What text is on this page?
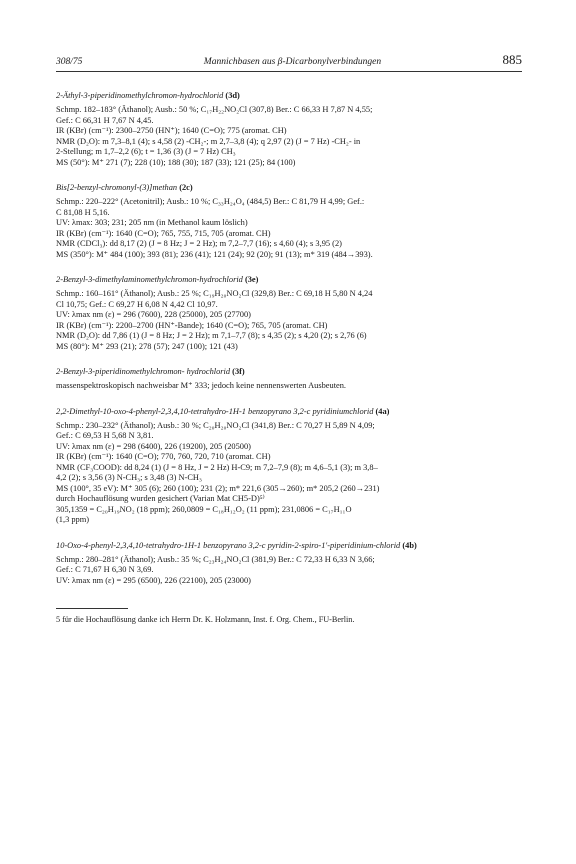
308/75	Mannichbasen aus β-Dicarbonylverbindungen	885
2-Äthyl-3-piperidinomethylchromon-hydrochlorid (3d)
Schmp. 182–183° (Äthanol); Ausb.: 50 %; C₁₇H₂₂NO₂Cl (307,8) Ber.: C 66,33 H 7,87 N 4,55;
Gef.: C 66,31 H 7,67 N 4,45.
IR (KBr) (cm⁻¹): 2300–2750 (HN⁺); 1640 (C=O); 775 (aromat. CH)
NMR (D₂O): m 7,3–8,1 (4); s 4,58 (2) -CH₂-; m 2,7–3,8 (4); q 2,97 (2) (J = 7 Hz) -CH₂- in
2-Stellung; m 1,7–2,2 (6); t = 1,36 (3) (J = 7 Hz) CH₃
MS (50°): M⁺ 271 (7); 228 (10); 188 (30); 187 (33); 121 (25); 84 (100)
Bis[2-benzyl-chromonyl-(3)]methan (2c)
Schmp.: 220–222° (Acetonitril); Ausb.: 10 %; C₃₃H₂₄O₄ (484,5) Ber.: C 81,79 H 4,99; Gef.:
C 81,08 H 5,16.
UV: λmax: 303; 231; 205 nm (in Methanol kaum löslich)
IR (KBr) (cm⁻¹): 1640 (C=O); 765, 755, 715, 705 (aromat. CH)
NMR (CDCl₃): dd 8,17 (2) (J = 8 Hz; J = 2 Hz); m 7,2–7,7 (16); s 4,60 (4); s 3,95 (2)
MS (350°): M⁺ 484 (100); 393 (81); 236 (41); 121 (24); 92 (20); 91 (13); m* 319 (484→393).
2-Benzyl-3-dimethylaminomethylchromon-hydrochlorid (3e)
Schmp.: 160–161° (Äthanol); Ausb.: 25 %; C₁₉H₂₀NO₂Cl (329,8) Ber.: C 69,18 H 5,80 N 4,24
Cl 10,75; Gef.: C 69,27 H 6,08 N 4,42 Cl 10,97.
UV: λmax nm (ε) = 296 (7600), 228 (25000), 205 (27700)
IR (KBr) (cm⁻¹): 2200–2700 (HN⁺-Bande); 1640 (C=O); 765, 705 (aromat. CH)
NMR (D₂O): dd 7,86 (1) (J = 8 Hz; J = 2 Hz); m 7,1–7,7 (8); s 4,35 (2); s 4,20 (2); s 2,76 (6)
MS (80°): M⁺ 293 (21); 278 (57); 247 (100); 121 (43)
2-Benzyl-3-piperidinomethylchromon- hydrochlorid (3f)
massenspektroskopisch nachweisbar M⁺ 333; jedoch keine nennenswerten Ausbeuten.
2,2-Dimethyl-10-oxo-4-phenyl-2,3,4,10-tetrahydro-1H-1 benzopyrano 3,2-c pyridiniumchlorid (4a)
Schmp.: 230–232° (Äthanol); Ausb.: 30 %; C₂₀H₂₀NO₂Cl (341,8) Ber.: C 70,27 H 5,89 N 4,09;
Gef.: C 69,53 H 5,68 N 3,81.
UV: λmax nm (ε) = 298 (6400), 226 (19200), 205 (20500)
IR (KBr) (cm⁻¹): 1640 (C=O); 770, 760, 720, 710 (aromat. CH)
NMR (CF₃COOD): dd 8,24 (1) (J = 8 Hz, J = 2 Hz) H-C9; m 7,2–7,9 (8); m 4,6–5,1 (3); m 3,8–
4,2 (2); s 3,56 (3) N-CH₃; s 3,48 (3) N-CH₃
MS (100°, 35 eV): M⁺ 305 (6); 260 (100); 231 (2); m* 221,6 (305→260); m* 205,2 (260→231)
durch Hochauflösung wurden gesichert (Varian Mat CH5-D)⁵⁾
305,1359 = C₂₀H₁₉NO₂ (18 ppm); 260,0809 = C₁₈H₁₂O₂ (11 ppm); 231,0806 = C₁₇H₁₁O
(1,3 ppm)
10-Oxo-4-phenyl-2,3,4,10-tetrahydro-1H-1 benzopyrano 3,2-c pyridin-2-spiro-1'-piperidinium-chlorid (4b)
Schmp.: 280–281° (Äthanol); Ausb.: 35 %; C₂₃H₂₄NO₂Cl (381,9) Ber.: C 72,33 H 6,33 N 3,66;
Gef.: C 71,67 H 6,30 N 3,69.
UV: λmax nm (ε) = 295 (6500), 226 (22100), 205 (23000)
5 für die Hochauflösung danke ich Herrn Dr. K. Holzmann, Inst. f. Org. Chem., FU-Berlin.
